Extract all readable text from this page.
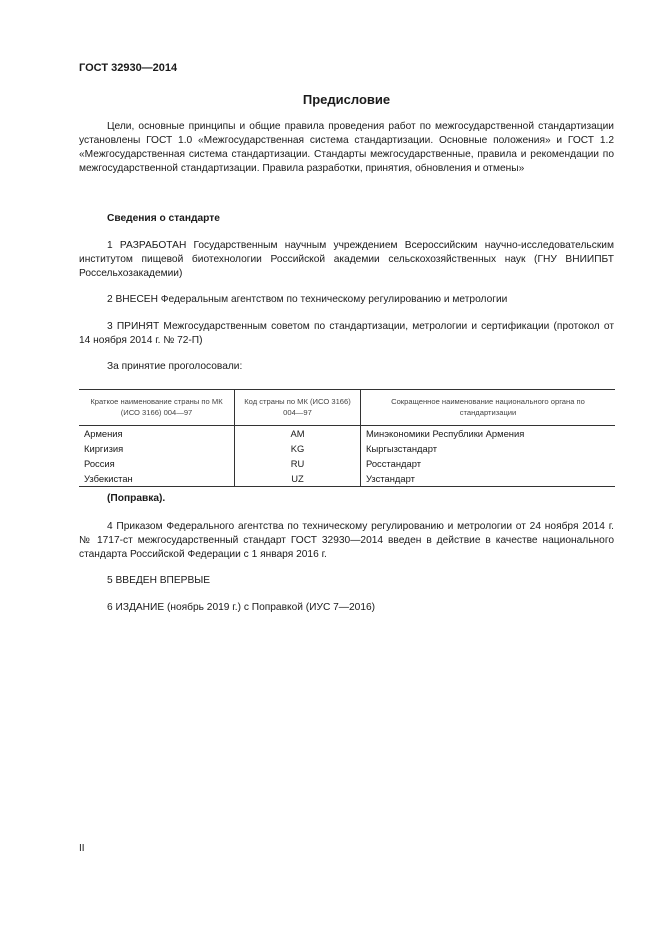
ГОСТ 32930—2014
Предисловие

Цели, основные принципы и общие правила проведения работ по межгосударственной стандартизации установлены ГОСТ 1.0 «Межгосударственная система стандартизации. Основные положения» и ГОСТ 1.2 «Межгосударственная система стандартизации. Стандарты межгосударственные, правила и рекомендации по межгосударственной стандартизации. Правила разработки, принятия, обновления и отмены»

Сведения о стандарте

1 РАЗРАБОТАН Государственным научным учреждением Всероссийским научно-исследовательским институтом пищевой биотехнологии Российской академии сельскохозяйственных наук (ГНУ ВНИИПБТ Россельхозакадемии)

2 ВНЕСЕН Федеральным агентством по техническому регулированию и метрологии

3 ПРИНЯТ Межгосударственным советом по стандартизации, метрологии и сертификации (протокол от 14 ноября 2014 г. № 72-П)

За принятие проголосовали:
Краткое наименование страны по МК (ИСО 3166) 004—97	Код страны по МК (ИСО 3166) 004—97	Сокращенное наименование национального органа по стандартизации
Армения	AM	Минэкономики Республики Армения
Киргизия	KG	Кыргызстандарт
Россия	RU	Росстандарт
Узбекистан	UZ	Узстандарт
(Поправка).

4 Приказом Федерального агентства по техническому регулированию и метрологии от 24 ноября 2014 г. № 1717-ст межгосударственный стандарт ГОСТ 32930—2014 введен в действие в качестве национального стандарта Российской Федерации с 1 января 2016 г.

5 ВВЕДЕН ВПЕРВЫЕ
6 ИЗДАНИЕ (ноябрь 2019 г.) с Поправкой (ИУС 7—2016)
II
